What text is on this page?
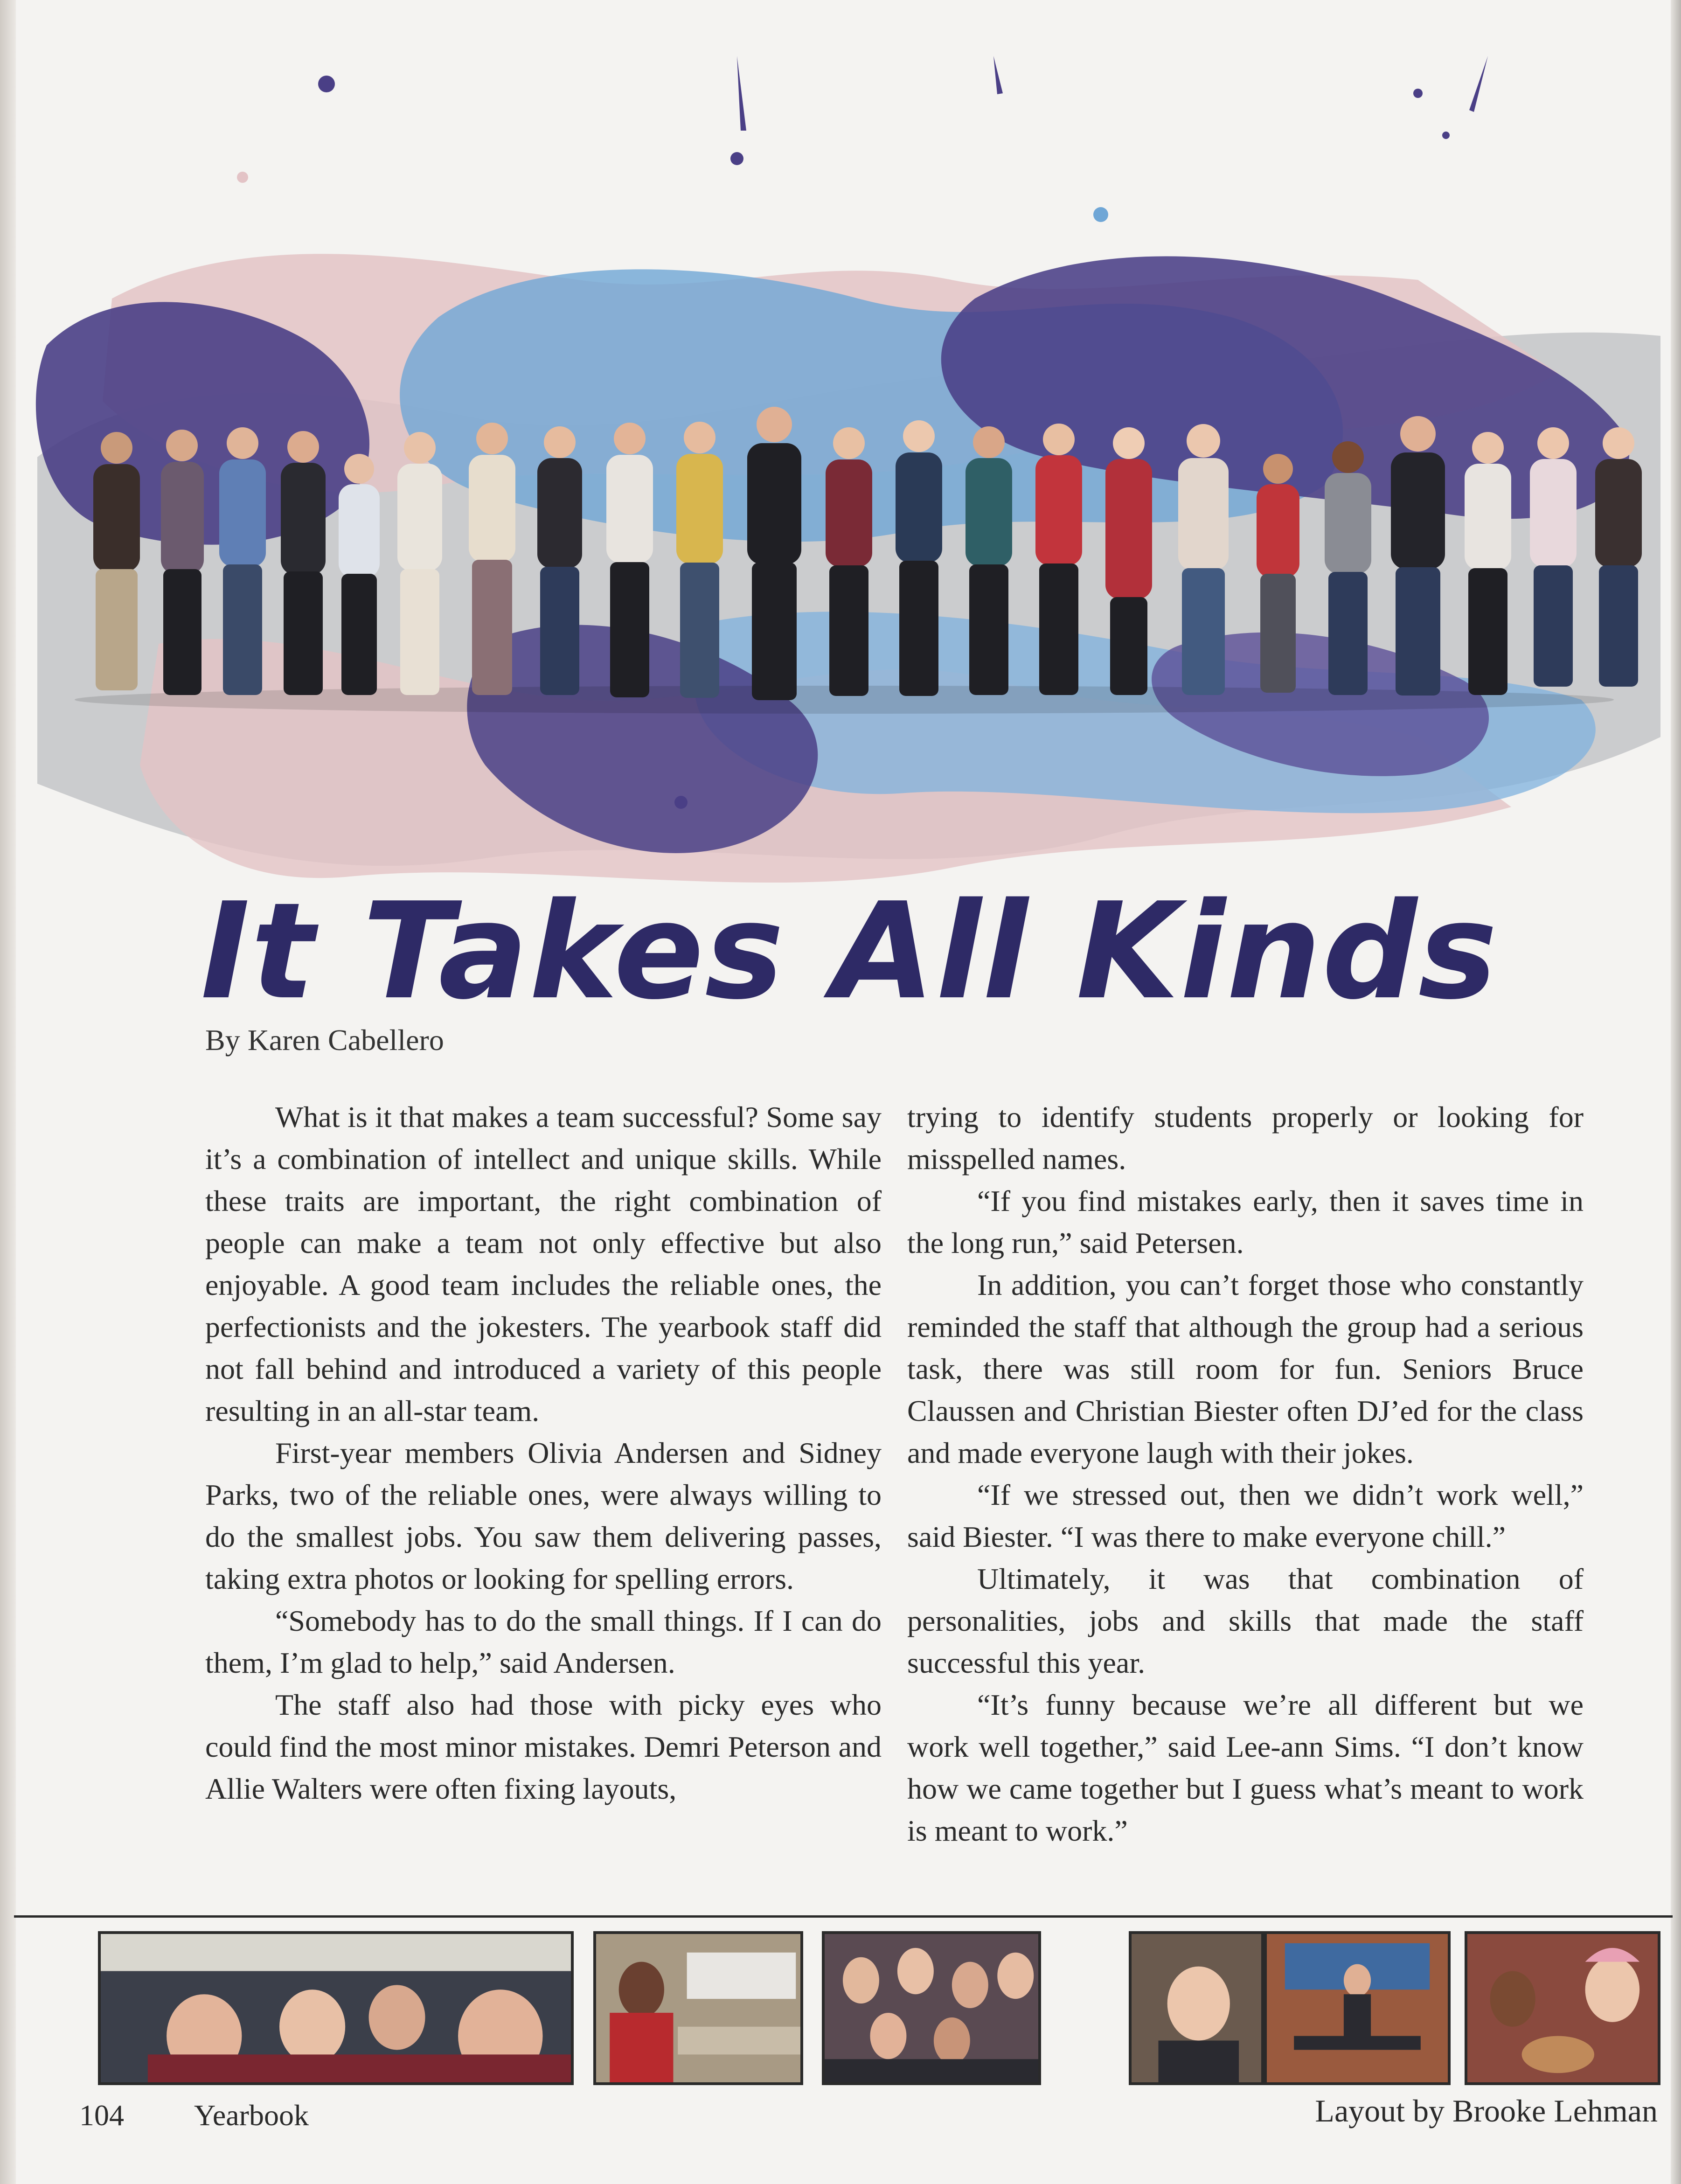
It Takes All Kinds
By Karen Cabellero

What is it that makes a team successful? Some say it’s a combination of intellect and unique skills. While these traits are important, the right combination of people can make a team not only effective but also enjoyable. A good team includes the reliable ones, the perfectionists and the jokesters. The yearbook staff did not fall behind and introduced a variety of this people resulting in an all-star team.

First-year members Olivia Andersen and Sidney Parks, two of the reliable ones, were always willing to do the smallest jobs. You saw them delivering passes, taking extra photos or looking for spelling errors.

“Somebody has to do the small things. If I can do them, I’m glad to help,” said Andersen.

The staff also had those with picky eyes who could find the most minor mistakes. Demri Peterson and Allie Walters were often fixing layouts,

trying to identify students properly or looking for misspelled names.

“If you find mistakes early, then it saves time in the long run,” said Petersen.

In addition, you can’t forget those who constantly reminded the staff that although the group had a serious task, there was still room for fun. Seniors Bruce Claussen and Christian Biester often DJ’ed for the class and made everyone laugh with their jokes.

“If we stressed out, then we didn’t work well,” said Biester. “I was there to make everyone chill.”

Ultimately, it was that combination of personalities, jobs and skills that made the staff successful this year.

“It’s funny because we’re all different but we work well together,” said Lee-ann Sims. “I don’t know how we came together but I guess what’s meant to work is meant to work.”

104 Yearbook	Layout by Brooke Lehman
